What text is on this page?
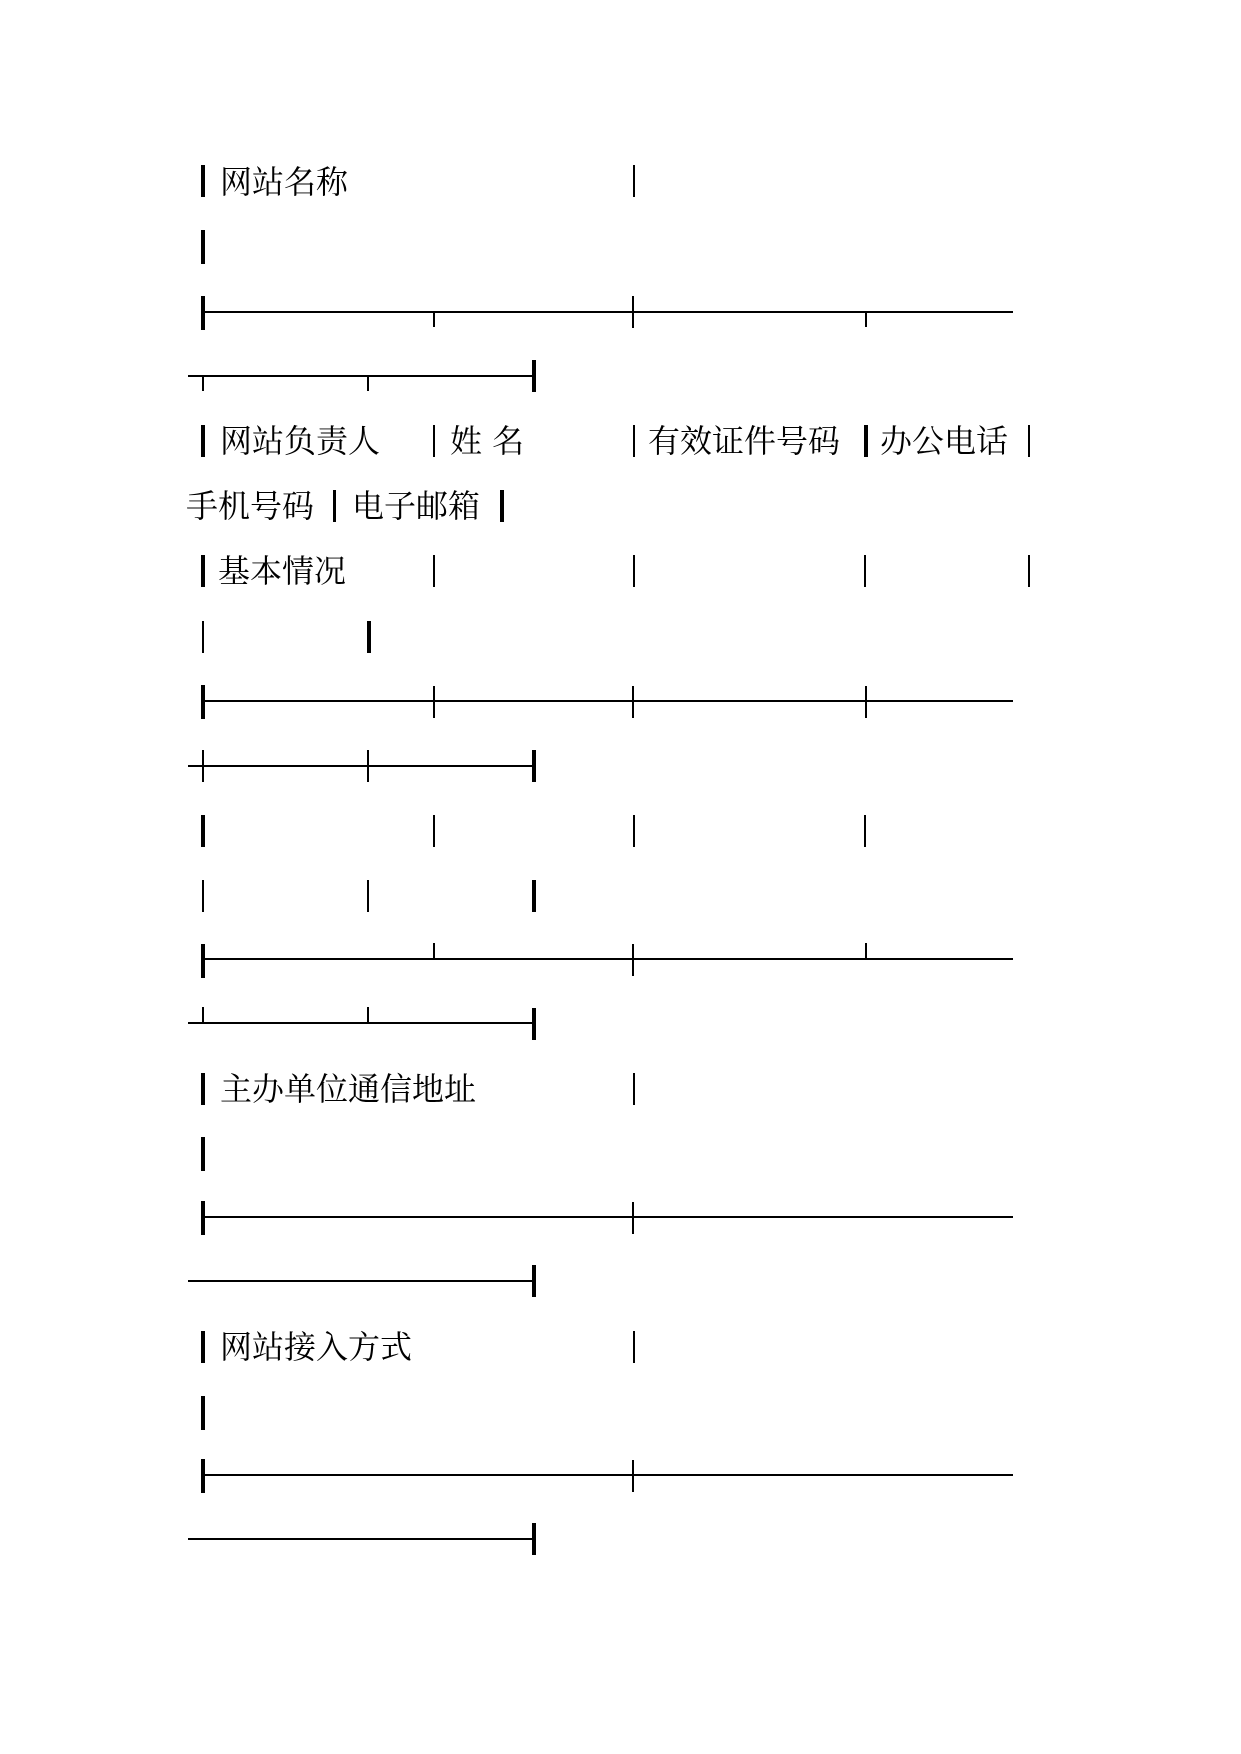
网站名称
网站负责人 姓 名	有效证件号码 办公电话
手机号码 电子邮箱
基本情况
主办单位通信地址
网站接入方式
